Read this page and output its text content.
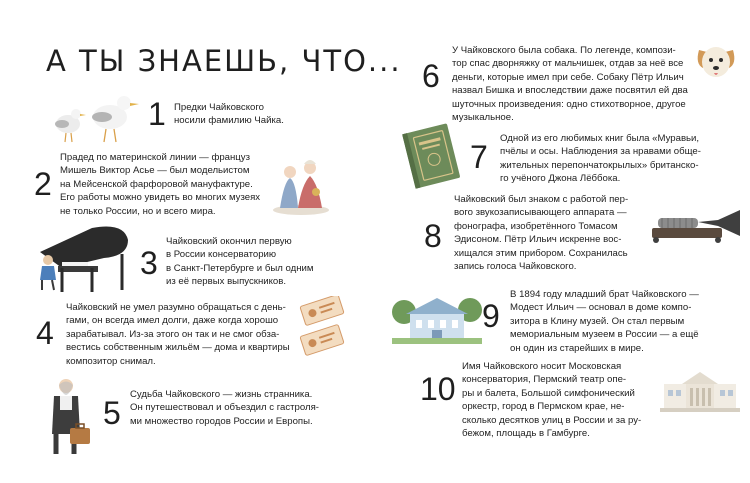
А ТЫ ЗНАЕШЬ, ЧТО...
1 Предки Чайковского
носили фамилию Чайка.
2
Прадед по материнской линии — француз
Мишель Виктор Асье — был модельистом
на Мейсенской фарфоровой мануфактуре.
Его работы можно увидеть во многих музеях
не только России, но и всего мира.
3
Чайковский окончил первую
в России консерваторию
в Санкт-Петербурге и был одним
из её первых выпускников.
4
Чайковский не умел разумно обращаться с день-
гами, он всегда имел долги, даже когда хорошо
зарабатывал. Из-за этого он так и не смог обза-
вестись собственным жильём — дома и квартиры
композитор снимал.
5
Судьба Чайковского — жизнь странника.
Он путешествовал и объездил с гастроля-
ми множество городов России и Европы.
6
У Чайковского была собака. По легенде, компози-
тор спас дворняжку от мальчишек, отдав за неё все
деньги, которые имел при себе. Собаку Пётр Ильич
назвал Бишка и впоследствии даже посвятил ей два
шуточных произведения: одно стихотворное, другое
музыкальное.
7
Одной из его любимых книг была «Муравьи,
пчёлы и осы. Наблюдения за нравами обще-
жительных перепончатокрылых» британско-
го учёного Джона Лёббока.
8
Чайковский был знаком с работой пер-
вого звукозаписывающего аппарата —
фонографа, изобретённого Томасом
Эдисоном. Пётр Ильич искренне вос-
хищался этим прибором. Сохранилась
запись голоса Чайковского.
9
В 1894 году младший брат Чайковского —
Модест Ильич — основал в доме компо-
зитора в Клину музей. Он стал первым
мемориальным музеем в России — а ещё
он один из старейших в мире.
10
Имя Чайковского носит Московская
консерватория, Пермский театр опе-
ры и балета, Большой симфонический
оркестр, город в Пермском крае, не-
сколько десятков улиц в России и за ру-
бежом, площадь в Гамбурге.
